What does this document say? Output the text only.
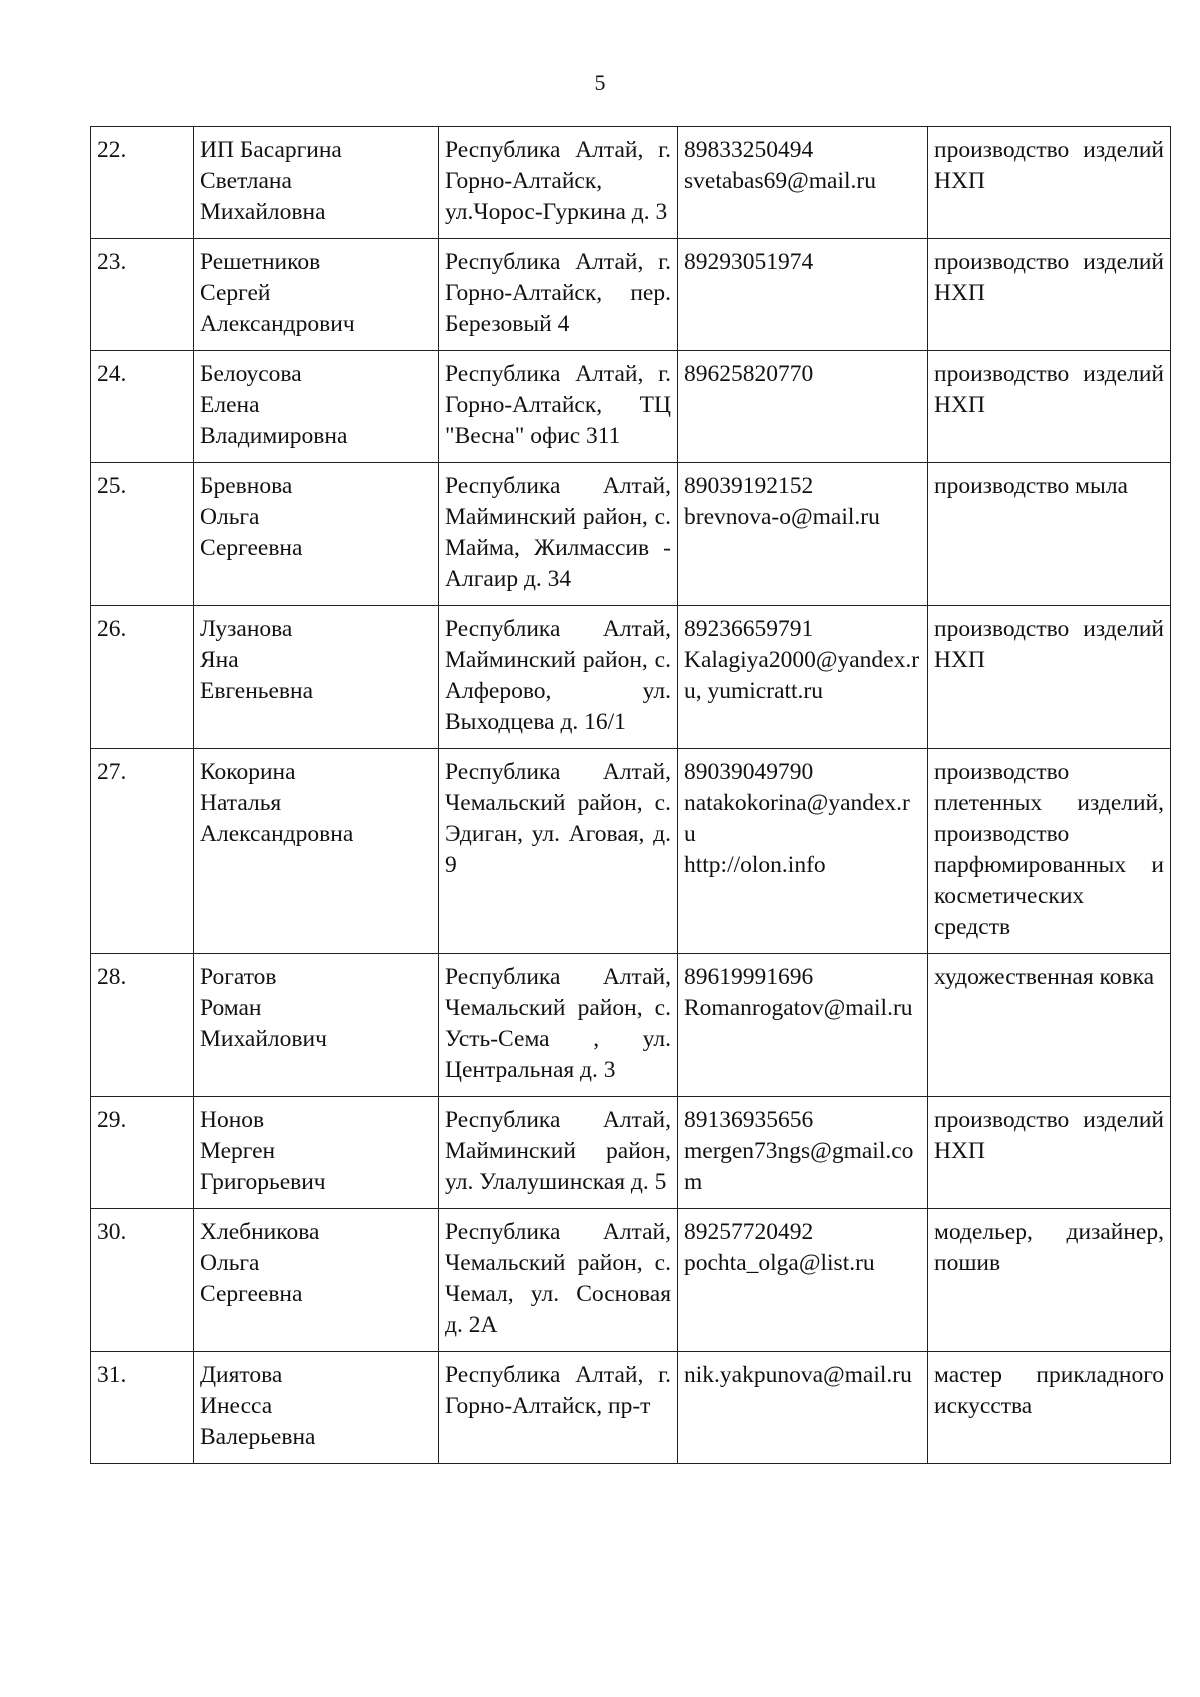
5
22.	ИП Басаргина
Светлана
Михайловна	Республика Алтай, г. Горно-Алтайск, ул.Чорос-Гуркина д. 3	89833250494
svetabas69@mail.ru	производство изделий НХП
23.	Решетников
Сергей
Александрович	Республика Алтай, г. Горно-Алтайск, пер. Березовый 4	89293051974	производство изделий НХП
24.	Белоусова
Елена
Владимировна	Республика Алтай, г. Горно-Алтайск, ТЦ "Весна" офис 311	89625820770	производство изделий НХП
25.	Бревнова
Ольга
Сергеевна	Республика Алтай, Майминский район, с. Майма, Жилмассив - Алгаир д. 34	89039192152
brevnova-o@mail.ru	производство мыла
26.	Лузанова
Яна
Евгеньевна	Республика Алтай, Майминский район, с. Алферово, ул. Выходцева д. 16/1	89236659791
Kalagiya2000@yandex.ru, yumicratt.ru	производство изделий НХП
27.	Кокорина
Наталья
Александровна	Республика Алтай, Чемальский район, с. Эдиган, ул. Аговая, д. 9	89039049790
natakokorina@yandex.ru
http://olon.info	производство плетенных изделий, производство парфюмированных и косметических средств
28.	Рогатов
Роман
Михайлович	Республика Алтай, Чемальский район, с. Усть-Сема , ул. Центральная д. 3	89619991696
Romanrogatov@mail.ru	художественная ковка
29.	Нонов
Мерген
Григорьевич	Республика Алтай, Майминский район, ул. Улалушинская д. 5	89136935656
mergen73ngs@gmail.com	производство изделий НХП
30.	Хлебникова
Ольга
Сергеевна	Республика Алтай, Чемальский район, с. Чемал, ул. Сосновая д. 2А	89257720492
pochta_olga@list.ru	модельер, дизайнер, пошив
31.	Диятова
Инесса
Валерьевна	Республика Алтай, г. Горно-Алтайск, пр-т	nik.yakpunova@mail.ru	мастер прикладного искусства
